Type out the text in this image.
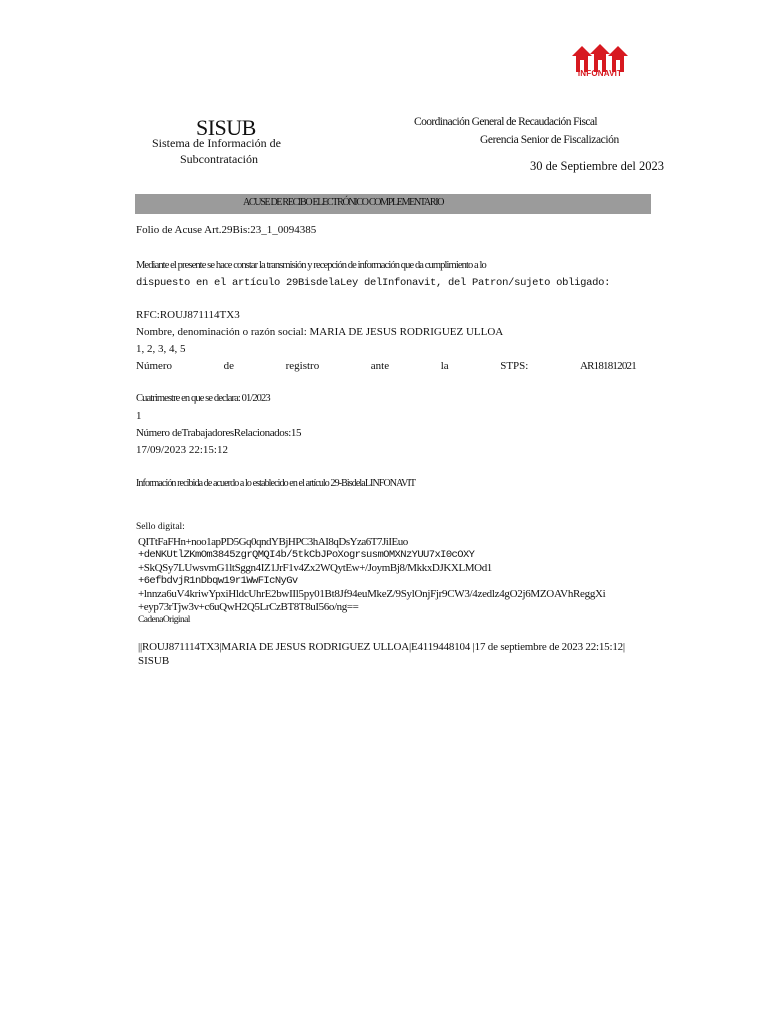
INFONAVIT
SISUB
Sistema de Información de
Subcontratación
Coordinación General de Recaudación Fiscal
Gerencia Senior de Fiscalización
30 de Septiembre del 2023
ACUSE DE RECIBO ELECTRÓNICO COMPLEMENTARIO
Folio de Acuse Art.29Bis:23_1_0094385
Mediante el presente se hace constar la transmisión y recepción de información que da cumplimiento a lo
dispuesto en el artículo 29BisdelaLey delInfonavit, del Patron/sujeto obligado:
RFC:ROUJ871114TX3
Nombre, denominación o razón social: MARIA DE JESUS RODRIGUEZ ULLOA
1, 2, 3, 4, 5
Número	de	registro	ante	la	STPS:	AR181812021
Cuatrimestre en que se declara: 01/2023
1
Número deTrabajadoresRelacionados:15
17/09/2023 22:15:12
Información recibida de acuerdo a lo establecido en el artículo 29-BisdelaLINFONAVIT
Sello digital:
QITtFaFHn+noo1apPD5Gq0qndYBjHPC3hAI8qDsYza6T7JiIEuo
+deNKUtlZKmOm3845zgrQMQI4b/5tkCbJPoXogrsusmOMXNzYUU7xI0cOXY
+SkQSy7LUwsvmG1ltSggn4IZ1JrF1v4Zx2WQytEw+/JoymBj8/MkkxDJKXLMOd1
+6efbdvjR1nDbqw19r1WwFIcNyGv
+lnnza6uV4kriwYpxiHldcUhrE2bwIIl5py01Bt8Jf94euMkeZ/9SylOnjFjr9CW3/4zedlz4gO2j6MZOAVhReggXi
+eyp73rTjw3v+c6uQwH2Q5LrCzBT8T8uI56o/ng==
CadenaOriginal
||ROUJ871114TX3|MARIA DE JESUS RODRIGUEZ ULLOA|E4119448104 |17 de septiembre de 2023 22:15:12|
SISUB
